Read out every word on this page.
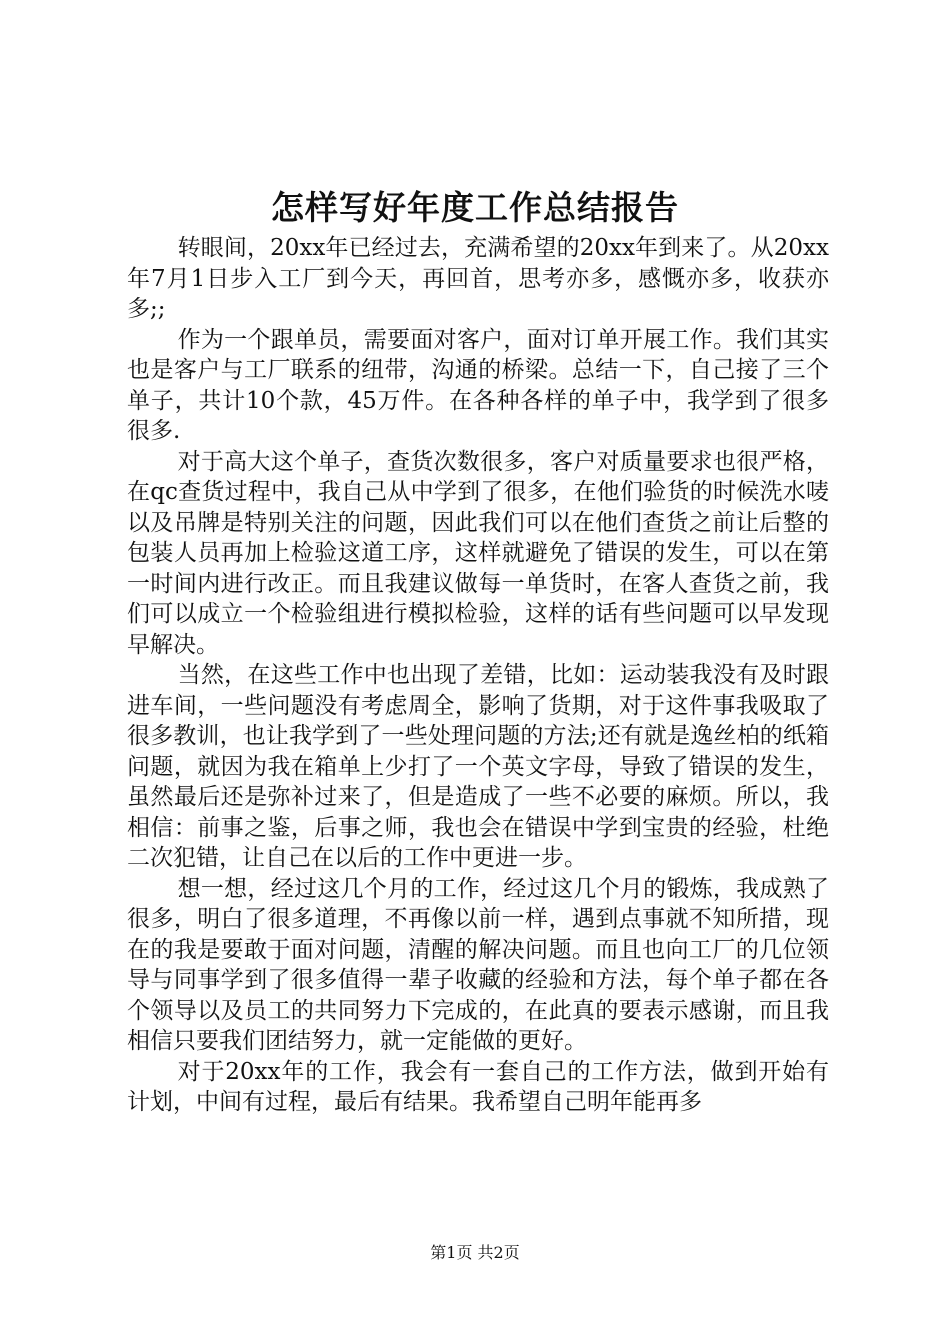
怎样写好年度工作总结报告

转眼间，20xx年已经过去，充满希望的20xx年到来了。从20xx年7月1日步入工厂到今天，再回首，思考亦多，感慨亦多，收获亦多;;

作为一个跟单员，需要面对客户，面对订单开展工作。我们其实也是客户与工厂联系的纽带，沟通的桥梁。总结一下，自己接了三个单子，共计10个款，45万件。在各种各样的单子中，我学到了很多很多.

对于高大这个单子，查货次数很多，客户对质量要求也很严格，在qc查货过程中，我自己从中学到了很多，在他们验货的时候洗水唛以及吊牌是特别关注的问题，因此我们可以在他们查货之前让后整的包装人员再加上检验这道工序，这样就避免了错误的发生，可以在第一时间内进行改正。而且我建议做每一单货时，在客人查货之前，我们可以成立一个检验组进行模拟检验，这样的话有些问题可以早发现早解决。

当然，在这些工作中也出现了差错，比如：运动装我没有及时跟进车间，一些问题没有考虑周全，影响了货期，对于这件事我吸取了很多教训，也让我学到了一些处理问题的方法;还有就是逸丝柏的纸箱问题，就因为我在箱单上少打了一个英文字母，导致了错误的发生，虽然最后还是弥补过来了，但是造成了一些不必要的麻烦。所以，我相信：前事之鉴，后事之师，我也会在错误中学到宝贵的经验，杜绝二次犯错，让自己在以后的工作中更进一步。

想一想，经过这几个月的工作，经过这几个月的锻炼，我成熟了很多，明白了很多道理，不再像以前一样，遇到点事就不知所措，现在的我是要敢于面对问题，清醒的解决问题。而且也向工厂的几位领导与同事学到了很多值得一辈子收藏的经验和方法，每个单子都在各个领导以及员工的共同努力下完成的，在此真的要表示感谢，而且我相信只要我们团结努力，就一定能做的更好。

对于20xx年的工作，我会有一套自己的工作方法，做到开始有计划，中间有过程，最后有结果。我希望自己明年能再多

第1页 共2页
